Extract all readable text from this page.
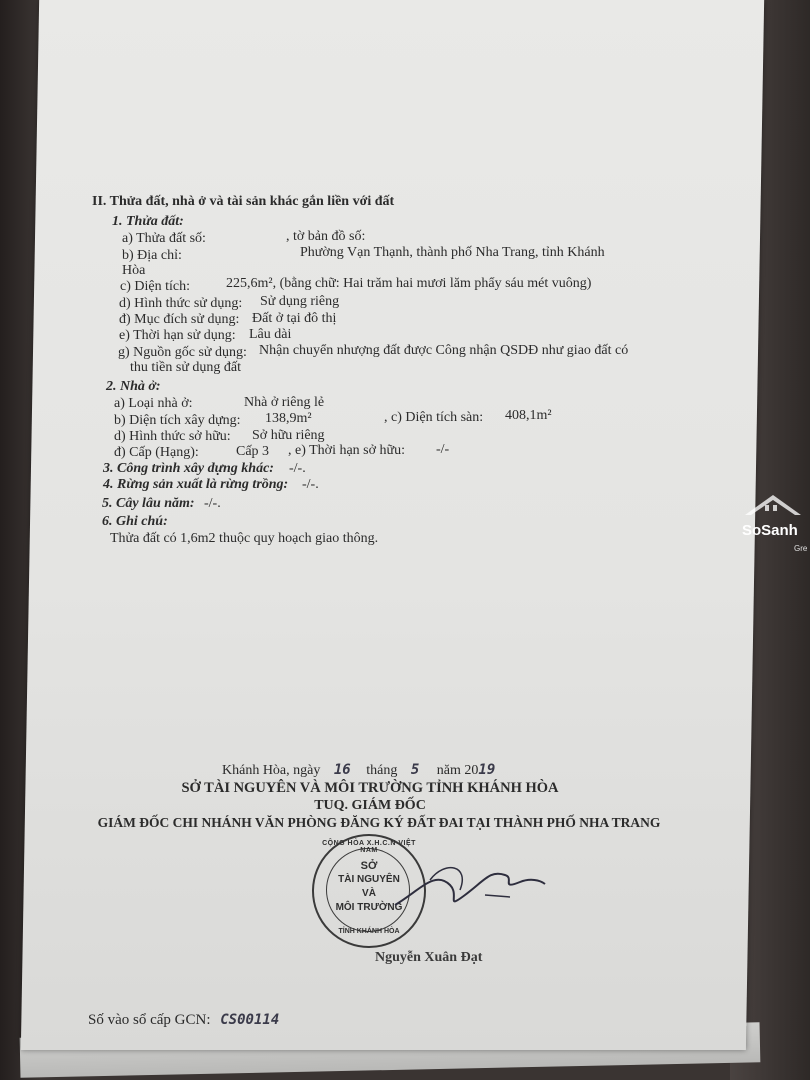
II. Thửa đất, nhà ở và tài sản khác gắn liền với đất
1. Thửa đất:
a) Thửa đất số:	, tờ bản đồ số:
b) Địa chỉ:	Phường Vạn Thạnh, thành phố Nha Trang, tỉnh Khánh
Hòa
c) Diện tích:	225,6m², (bằng chữ: Hai trăm hai mươi lăm phẩy sáu mét vuông)
d) Hình thức sử dụng: Sử dụng riêng
đ) Mục đích sử dụng: Đất ở tại đô thị
e) Thời hạn sử dụng: Lâu dài
g) Nguồn gốc sử dụng: Nhận chuyển nhượng đất được Công nhận QSDĐ như giao đất có
thu tiền sử dụng đất
2. Nhà ở:
a) Loại nhà ở:	Nhà ở riêng lẻ
b) Diện tích xây dựng: 138,9m²	, c) Diện tích sàn: 408,1m²
d) Hình thức sở hữu: Sở hữu riêng
đ) Cấp (Hạng):	Cấp 3 , e) Thời hạn sở hữu: -/-
3. Công trình xây dựng khác: -/-.
4. Rừng sản xuất là rừng trồng: -/-.
5. Cây lâu năm: -/-.
6. Ghi chú:
Thửa đất có 1,6m2 thuộc quy hoạch giao thông.
Khánh Hòa, ngày 16 tháng 5 năm 2019
SỞ TÀI NGUYÊN VÀ MÔI TRƯỜNG TỈNH KHÁNH HÒA
TUQ. GIÁM ĐỐC
GIÁM ĐỐC CHI NHÁNH VĂN PHÒNG ĐĂNG KÝ ĐẤT ĐAI TẠI THÀNH PHỐ NHA TRANG
CỘNG HÒA X.H.C.N VIỆT NAM
SỞ
TÀI NGUYÊN
VÀ
MÔI TRƯỜNG
TỈNH KHÁNH HÒA
Nguyễn Xuân Đạt
Số vào sổ cấp GCN: CS00114
SoSanh
Gre
